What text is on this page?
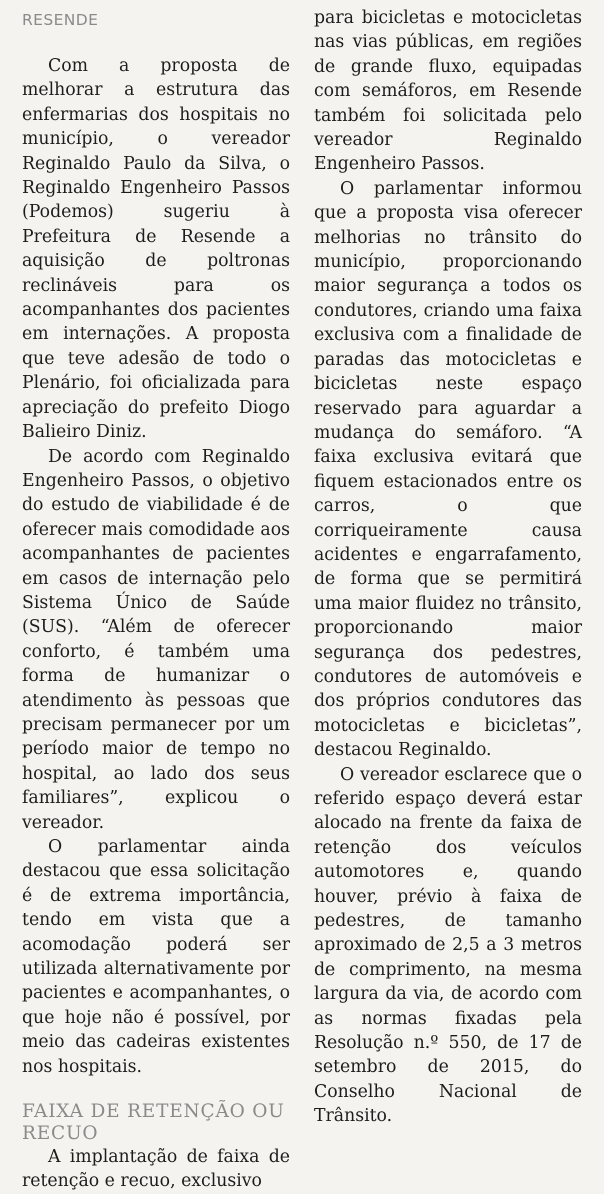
RESENDE

Com a proposta de melhorar a estrutura das enfermarias dos hospitais no município, o vereador Reginaldo Paulo da Silva, o Reginaldo Engenheiro Passos (Podemos) sugeriu à Prefeitura de Resende a aquisição de poltronas reclináveis para os acompanhantes dos pacientes em internações. A proposta que teve adesão de todo o Plenário, foi oficializada para apreciação do prefeito Diogo Balieiro Diniz.

De acordo com Reginaldo Engenheiro Passos, o objetivo do estudo de viabilidade é de oferecer mais comodidade aos acompanhantes de pacientes em casos de internação pelo Sistema Único de Saúde (SUS). “Além de oferecer conforto, é também uma forma de humanizar o atendimento às pessoas que precisam permanecer por um período maior de tempo no hospital, ao lado dos seus familiares”, explicou o vereador.

O parlamentar ainda destacou que essa solicitação é de extrema importância, tendo em vista que a acomodação poderá ser utilizada alternativamente por pacientes e acompanhantes, o que hoje não é possível, por meio das cadeiras existentes nos hospitais.

FAIXA DE RETENÇÃO OU RECUO

A implantação de faixa de retenção e recuo, exclusivo

para bicicletas e motocicletas nas vias públicas, em regiões de grande fluxo, equipadas com semáforos, em Resende também foi solicitada pelo vereador Reginaldo Engenheiro Passos.

O parlamentar informou que a proposta visa oferecer melhorias no trânsito do município, proporcionando maior segurança a todos os condutores, criando uma faixa exclusiva com a finalidade de paradas das motocicletas e bicicletas neste espaço reservado para aguardar a mudança do semáforo. “A faixa exclusiva evitará que fiquem estacionados entre os carros, o que corriqueiramente causa acidentes e engarrafamento, de forma que se permitirá uma maior fluidez no trânsito, proporcionando maior segurança dos pedestres, condutores de automóveis e dos próprios condutores das motocicletas e bicicletas”, destacou Reginaldo.

O vereador esclarece que o referido espaço deverá estar alocado na frente da faixa de retenção dos veículos automotores e, quando houver, prévio à faixa de pedestres, de tamanho aproximado de 2,5 a 3 metros de comprimento, na mesma largura da via, de acordo com as normas fixadas pela Resolução n.º 550, de 17 de setembro de 2015, do Conselho Nacional de Trânsito.
